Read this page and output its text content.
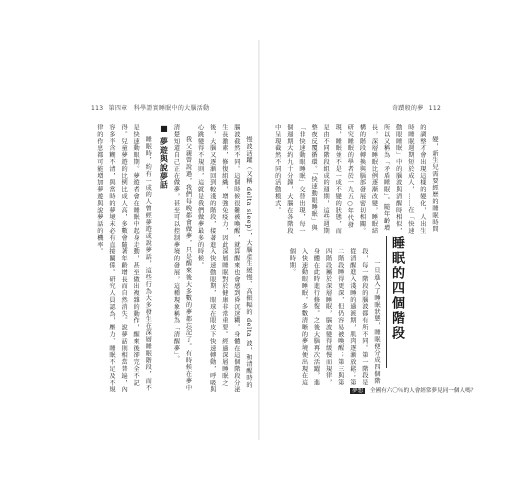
113 第四章　科學證實睡眠中的大腦活動	奇蹟般的夢 112

變，新生兒需要經歷的睡眠時間的調整才會出現這樣的變化，人出生時睡眠週期短於成人，……在「快速動眼睡眠」中的腦波與清醒時相似，所以又稱為「矛盾睡眠」。隨年齡增長，深層睡眠比例逐漸改變，睡眠結構的階段轉換與腦部發展密切相關。研究睡眠的學者於一九五○年代發現，睡眠並不是一成不變的狀態，而是由不同階段組成的週期，這些週期整夜反覆循環。「快速動眼睡眠」與「非快速動眼睡眠」交替出現，每一個週期大約九十分鐘，大腦在各階段中呈現截然不同的活動模式。

睡眠的四個階段

一旦進入了睡眠狀態，睡眠便分成四個階段，每一階段的腦波都有所不同。第一階段是從清醒進入淺睡的過渡期，肌肉逐漸放鬆；第二階段睡得更深，但仍容易被喚醒；第三與第四階段屬於深層睡眠，腦波變得緩慢而規律，身體在此時進行修復。之後大腦再次活躍，進入快速動眼睡眠，多數清晰的夢境便出現在這個時期。

夢想 全國有六〇％的人會經常夢見同一個人嗎？

慢波活躍（又稱 delta sleep），大腦產生緩慢、高振幅的 delta 波，和清醒時的腦波截然不同。這個時候很難被喚醒，就算醒來也會感到昏沉迷糊。身體在這個階段分泌生長激素，修復組織，增強免疫力，因此深層睡眠對於健康非常重要。經過深層睡眠之後，大腦又逐漸回到較淺的階段，接著進入快速動眼期，眼球在眼皮下快速轉動，呼吸與心跳變得不規則，這就是我們做夢最多的時候。

我父親曾說過，我們每晚都會做夢，只是醒來後大多數的夢都忘記了。有時候在夢中清楚知道自己正在做夢，甚至可以控制夢境的發展，這種現象稱為「清醒夢」。

■ 夢遊與說夢話

睡眠時，約有一成的人曾經夢遊或說夢話，這些行為大多發生在深層睡眠階段，而不是快速動眼期。夢遊者會在睡眠中起身走動，甚至做出複雜的動作，醒來後卻完全不記得。兒童夢遊的比例比成人高，多數會隨著年齡增長而自然消失。說夢話則相當普遍，內容多半含糊不清，與當時的夢境未必有直接關係。研究人員認為，壓力、睡眠不足及不規律的作息都可能增加夢遊與說夢話的機率。
